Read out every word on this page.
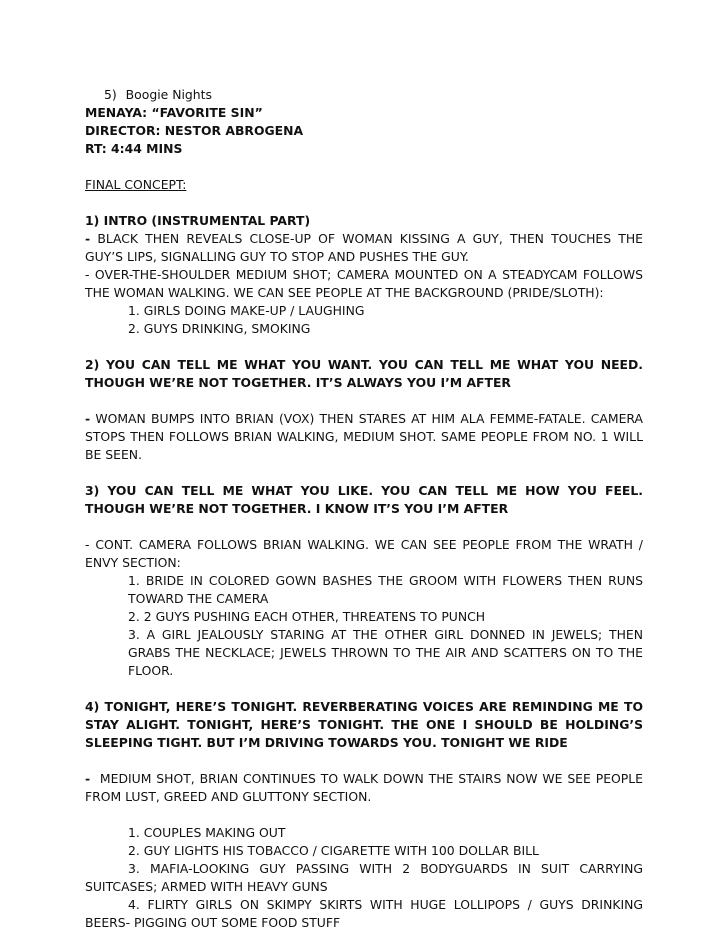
5) Boogie Nights
MENAYA: “FAVORITE SIN”
DIRECTOR: NESTOR ABROGENA
RT: 4:44 MINS
FINAL CONCEPT:
1) INTRO (INSTRUMENTAL PART)

- BLACK THEN REVEALS CLOSE-UP OF WOMAN KISSING A GUY, THEN TOUCHES THE GUY’S LIPS, SIGNALLING GUY TO STOP AND PUSHES THE GUY.

- OVER-THE-SHOULDER MEDIUM SHOT; CAMERA MOUNTED ON A STEADYCAM FOLLOWS THE WOMAN WALKING. WE CAN SEE PEOPLE AT THE BACKGROUND (PRIDE/SLOTH):

1. GIRLS DOING MAKE-UP / LAUGHING
2. GUYS DRINKING, SMOKING

2) YOU CAN TELL ME WHAT YOU WANT. YOU CAN TELL ME WHAT YOU NEED. THOUGH WE’RE NOT TOGETHER. IT’S ALWAYS YOU I’M AFTER

- WOMAN BUMPS INTO BRIAN (VOX) THEN STARES AT HIM ALA FEMME-FATALE. CAMERA STOPS THEN FOLLOWS BRIAN WALKING, MEDIUM SHOT. SAME PEOPLE FROM NO. 1 WILL BE SEEN.

3) YOU CAN TELL ME WHAT YOU LIKE. YOU CAN TELL ME HOW YOU FEEL. THOUGH WE’RE NOT TOGETHER. I KNOW IT’S YOU I’M AFTER

- CONT. CAMERA FOLLOWS BRIAN WALKING. WE CAN SEE PEOPLE FROM THE WRATH / ENVY SECTION:

1. BRIDE IN COLORED GOWN BASHES THE GROOM WITH FLOWERS THEN RUNS TOWARD THE CAMERA
2. 2 GUYS PUSHING EACH OTHER, THREATENS TO PUNCH
3. A GIRL JEALOUSLY STARING AT THE OTHER GIRL DONNED IN JEWELS; THEN GRABS THE NECKLACE; JEWELS THROWN TO THE AIR AND SCATTERS ON TO THE FLOOR.

4) TONIGHT, HERE’S TONIGHT. REVERBERATING VOICES ARE REMINDING ME TO STAY ALIGHT. TONIGHT, HERE’S TONIGHT. THE ONE I SHOULD BE HOLDING’S SLEEPING TIGHT. BUT I’M DRIVING TOWARDS YOU. TONIGHT WE RIDE

- MEDIUM SHOT, BRIAN CONTINUES TO WALK DOWN THE STAIRS NOW WE SEE PEOPLE FROM LUST, GREED AND GLUTTONY SECTION.

1. COUPLES MAKING OUT
2. GUY LIGHTS HIS TOBACCO / CIGARETTE WITH 100 DOLLAR BILL
3. MAFIA-LOOKING GUY PASSING WITH 2 BODYGUARDS IN SUIT CARRYING SUITCASES; ARMED WITH HEAVY GUNS
4. FLIRTY GIRLS ON SKIMPY SKIRTS WITH HUGE LOLLIPOPS / GUYS DRINKING BEERS- PIGGING OUT SOME FOOD STUFF
